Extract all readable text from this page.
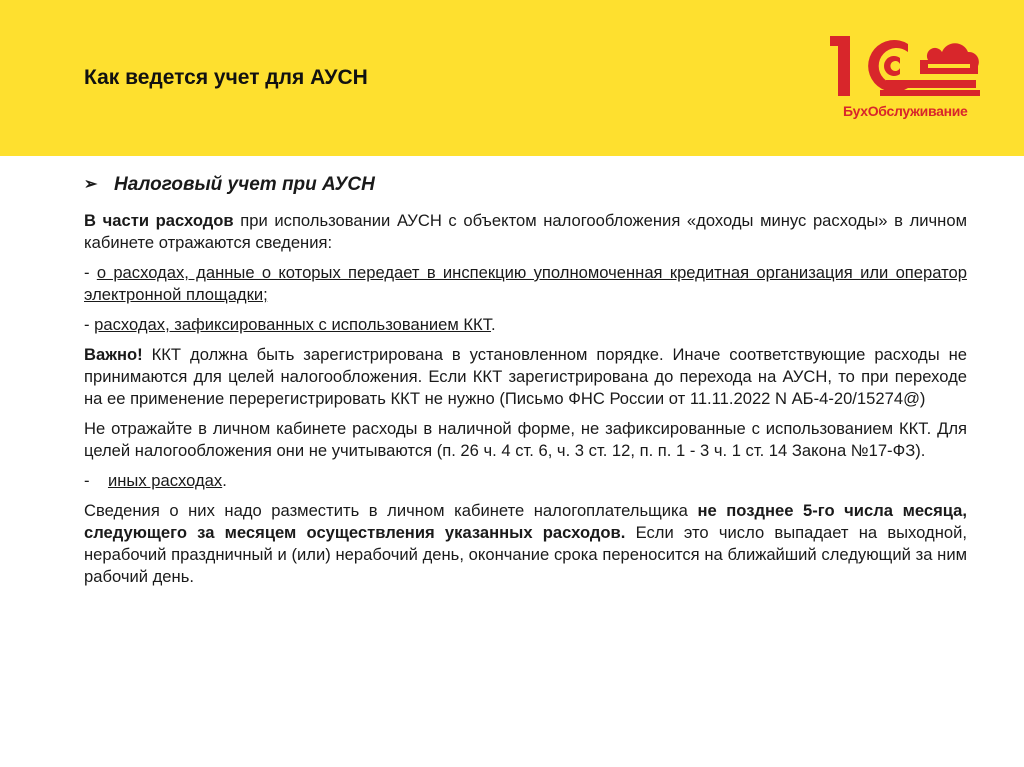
Как ведется учет для АУСН
БухОбслуживание
➢ Налоговый учет при АУСН

В части расходов при использовании АУСН с объектом налогообложения «доходы минус расходы» в личном кабинете отражаются сведения:

- о расходах, данные о которых передает в инспекцию уполномоченная кредитная организация или оператор электронной площадки;

- расходах, зафиксированных с использованием ККТ.

Важно! ККТ должна быть зарегистрирована в установленном порядке. Иначе соответствующие расходы не принимаются для целей налогообложения. Если ККТ зарегистрирована до перехода на АУСН, то при переходе на ее применение перерегистрировать ККТ не нужно (Письмо ФНС России от 11.11.2022 N АБ-4-20/15274@)

Не отражайте в личном кабинете расходы в наличной форме, не зафиксированные с использованием ККТ. Для целей налогообложения они не учитываются (п. 26 ч. 4 ст. 6, ч. 3 ст. 12, п. п. 1 - 3 ч. 1 ст. 14 Закона №17-ФЗ).

-    иных расходах.

Сведения о них надо разместить в личном кабинете налогоплательщика не позднее 5-го числа месяца, следующего за месяцем осуществления указанных расходов. Если это число выпадает на выходной, нерабочий праздничный и (или) нерабочий день, окончание срока переносится на ближайший следующий за ним рабочий день.
